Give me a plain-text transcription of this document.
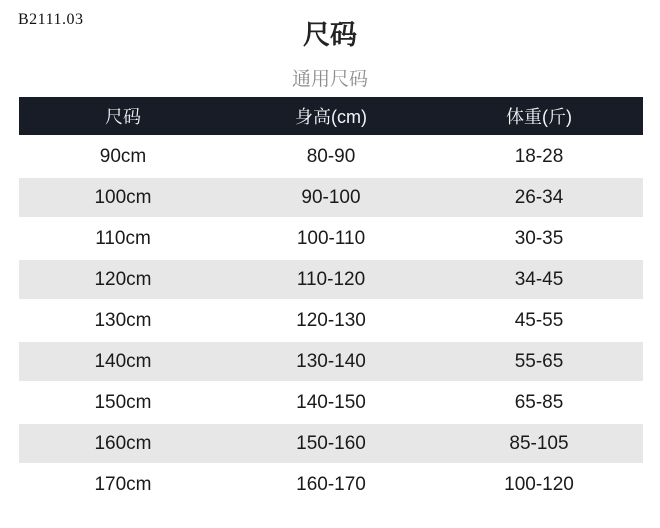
B2111.03
尺码
通用尺码
尺码	身高(cm)	体重(斤)
90cm	80-90	18-28
100cm	90-100	26-34
110cm	100-110	30-35
120cm	110-120	34-45
130cm	120-130	45-55
140cm	130-140	55-65
150cm	140-150	65-85
160cm	150-160	85-105
170cm	160-170	100-120
